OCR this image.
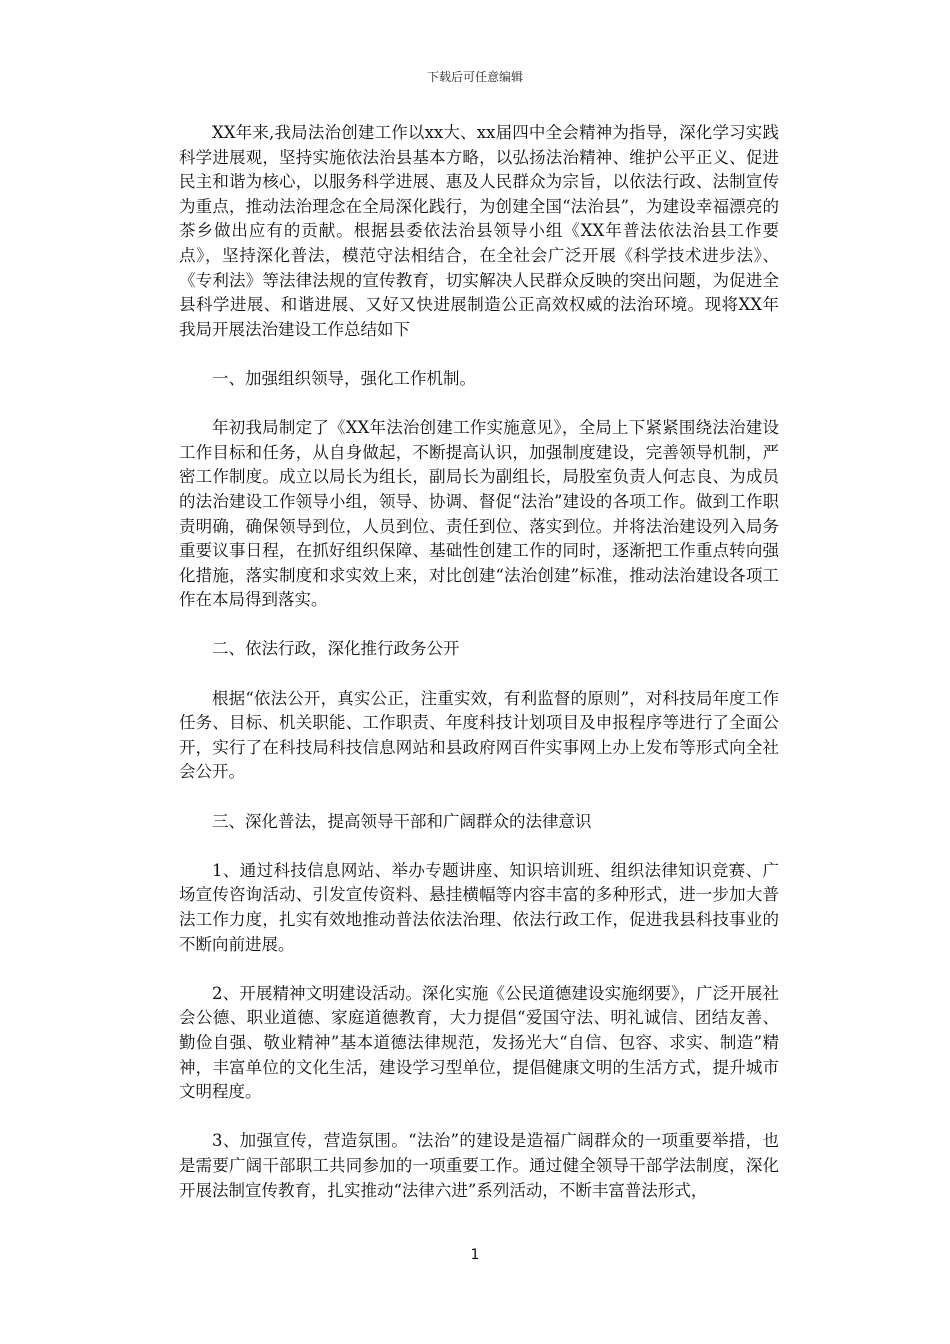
下载后可任意编辑

XX年来,我局法治创建工作以xx大、xx届四中全会精神为指导，深化学习实践科学进展观，坚持实施依法治县基本方略，以弘扬法治精神、维护公平正义、促进民主和谐为核心，以服务科学进展、惠及人民群众为宗旨，以依法行政、法制宣传为重点，推动法治理念在全局深化践行，为创建全国“法治县”，为建设幸福漂亮的茶乡做出应有的贡献。根据县委依法治县领导小组《XX年普法依法治县工作要点》，坚持深化普法，模范守法相结合，在全社会广泛开展《科学技术进步法》、《专利法》等法律法规的宣传教育，切实解决人民群众反映的突出问题，为促进全县科学进展、和谐进展、又好又快进展制造公正高效权威的法治环境。现将XX年我局开展法治建设工作总结如下

一、加强组织领导，强化工作机制。

年初我局制定了《XX年法治创建工作实施意见》，全局上下紧紧围绕法治建设工作目标和任务，从自身做起，不断提高认识，加强制度建设，完善领导机制，严密工作制度。成立以局长为组长，副局长为副组长，局股室负责人何志良、为成员的法治建设工作领导小组，领导、协调、督促“法治”建设的各项工作。做到工作职责明确，确保领导到位，人员到位、责任到位、落实到位。并将法治建设列入局务重要议事日程，在抓好组织保障、基础性创建工作的同时，逐渐把工作重点转向强化措施，落实制度和求实效上来，对比创建“法治创建”标准，推动法治建设各项工作在本局得到落实。

二、依法行政，深化推行政务公开

根据“依法公开，真实公正，注重实效，有利监督的原则”，对科技局年度工作任务、目标、机关职能、工作职责、年度科技计划项目及申报程序等进行了全面公开，实行了在科技局科技信息网站和县政府网百件实事网上办上发布等形式向全社会公开。

三、深化普法，提高领导干部和广阔群众的法律意识

1、通过科技信息网站、举办专题讲座、知识培训班、组织法律知识竞赛、广场宣传咨询活动、引发宣传资料、悬挂横幅等内容丰富的多种形式，进一步加大普法工作力度，扎实有效地推动普法依法治理、依法行政工作，促进我县科技事业的不断向前进展。

2、开展精神文明建设活动。深化实施《公民道德建设实施纲要》，广泛开展社会公德、职业道德、家庭道德教育，大力提倡“爱国守法、明礼诚信、团结友善、勤俭自强、敬业精神”基本道德法律规范，发扬光大“自信、包容、求实、制造”精神，丰富单位的文化生活，建设学习型单位，提倡健康文明的生活方式，提升城市文明程度。

3、加强宣传，营造氛围。“法治”的建设是造福广阔群众的一项重要举措，也是需要广阔干部职工共同参加的一项重要工作。通过健全领导干部学法制度，深化开展法制宣传教育，扎实推动“法律六进”系列活动，不断丰富普法形式，

1
